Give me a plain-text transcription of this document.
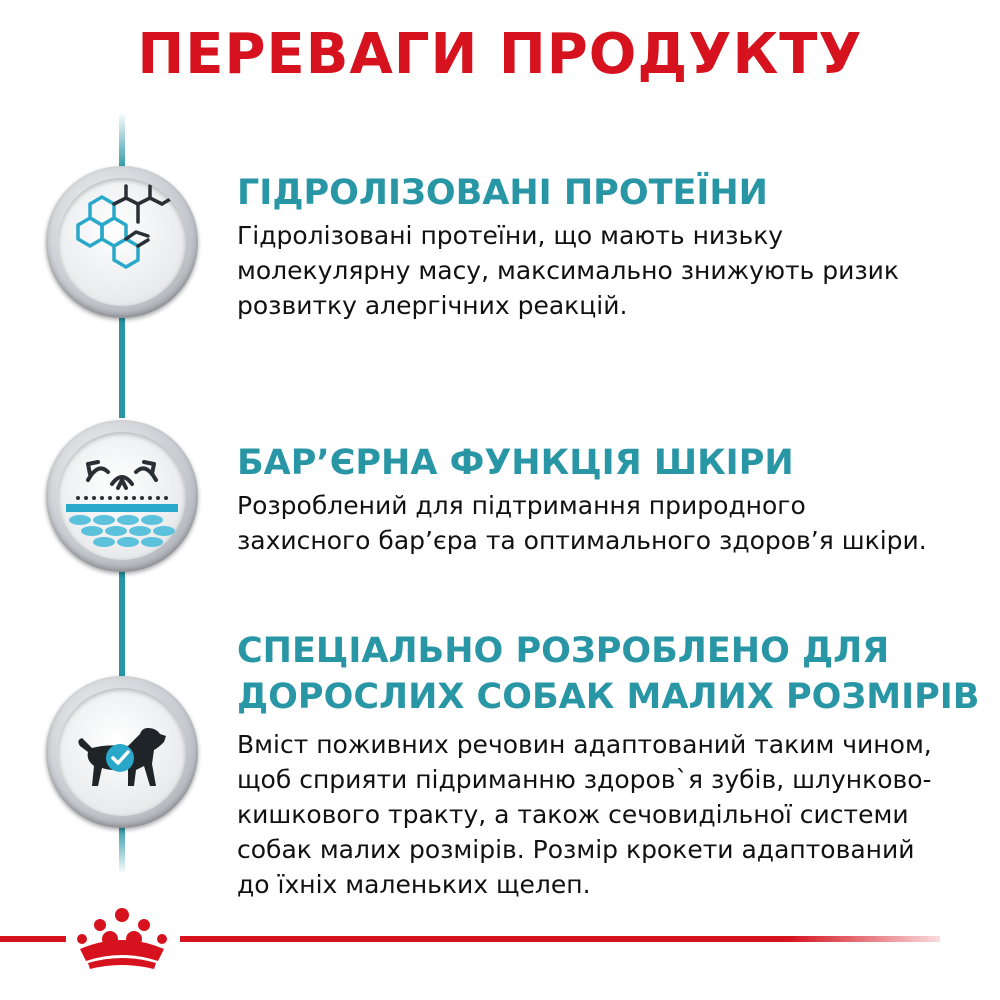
ПЕРЕВАГИ ПРОДУКТУ
ГІДРОЛІЗОВАНІ ПРОТЕЇНИ
Гідролізовані протеїни, що мають низьку
молекулярну масу, максимально знижують ризик
розвитку алергічних реакцій.
БАР’ЄРНА ФУНКЦІЯ ШКІРИ
Розроблений для підтримання природного
захисного бар’єра та оптимального здоров’я шкіри.
СПЕЦІАЛЬНО РОЗРОБЛЕНО ДЛЯ
ДОРОСЛИХ СОБАК МАЛИХ РОЗМІРІВ
Вміст поживних речовин адаптований таким чином,
щоб сприяти підриманню здоров`я зубів, шлунково-
кишкового тракту, а також сечовидільної системи
собак малих розмірів. Розмір крокети адаптований
до їхніх маленьких щелеп.
